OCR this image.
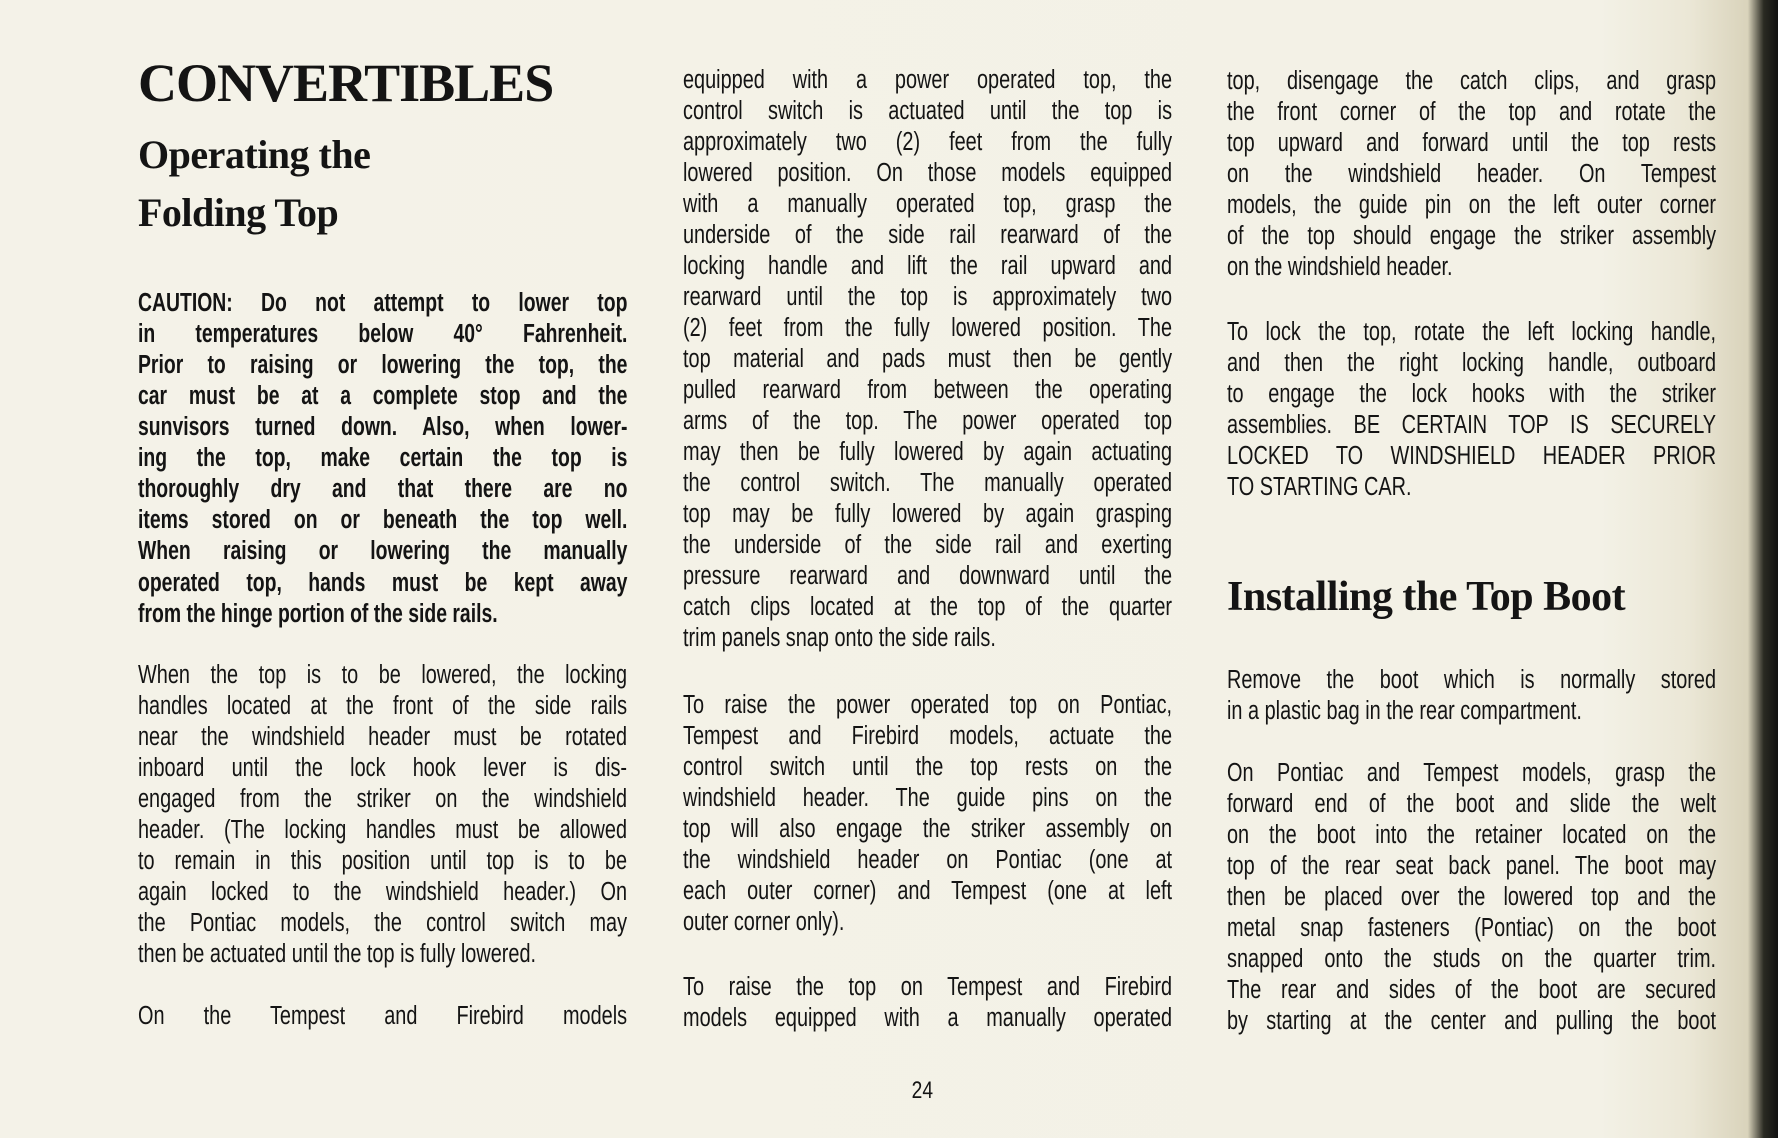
CONVERTIBLES
Operating the
Folding Top
Installing the Top Boot
CAUTION: Do not attempt to lower top
in temperatures below 40° Fahrenheit.
Prior to raising or lowering the top, the
car must be at a complete stop and the
sunvisors turned down. Also, when lower-
ing the top, make certain the top is
thoroughly dry and that there are no
items stored on or beneath the top well.
When raising or lowering the manually
operated top, hands must be kept away
from the hinge portion of the side rails.
When the top is to be lowered, the locking
handles located at the front of the side rails
near the windshield header must be rotated
inboard until the lock hook lever is dis-
engaged from the striker on the windshield
header. (The locking handles must be allowed
to remain in this position until top is to be
again locked to the windshield header.) On
the Pontiac models, the control switch may
then be actuated until the top is fully lowered.
On the Tempest and Firebird models
equipped with a power operated top, the
control switch is actuated until the top is
approximately two (2) feet from the fully
lowered position. On those models equipped
with a manually operated top, grasp the
underside of the side rail rearward of the
locking handle and lift the rail upward and
rearward until the top is approximately two
(2) feet from the fully lowered position. The
top material and pads must then be gently
pulled rearward from between the operating
arms of the top. The power operated top
may then be fully lowered by again actuating
the control switch. The manually operated
top may be fully lowered by again grasping
the underside of the side rail and exerting
pressure rearward and downward until the
catch clips located at the top of the quarter
trim panels snap onto the side rails.
To raise the power operated top on Pontiac,
Tempest and Firebird models, actuate the
control switch until the top rests on the
windshield header. The guide pins on the
top will also engage the striker assembly on
the windshield header on Pontiac (one at
each outer corner) and Tempest (one at left
outer corner only).
To raise the top on Tempest and Firebird
models equipped with a manually operated
top, disengage the catch clips, and grasp
the front corner of the top and rotate the
top upward and forward until the top rests
on the windshield header. On Tempest
models, the guide pin on the left outer corner
of the top should engage the striker assembly
on the windshield header.
To lock the top, rotate the left locking handle,
and then the right locking handle, outboard
to engage the lock hooks with the striker
assemblies. BE CERTAIN TOP IS SECURELY
LOCKED TO WINDSHIELD HEADER PRIOR
TO STARTING CAR.
Remove the boot which is normally stored
in a plastic bag in the rear compartment.
On Pontiac and Tempest models, grasp the
forward end of the boot and slide the welt
on the boot into the retainer located on the
top of the rear seat back panel. The boot may
then be placed over the lowered top and the
metal snap fasteners (Pontiac) on the boot
snapped onto the studs on the quarter trim.
The rear and sides of the boot are secured
by starting at the center and pulling the boot
24
